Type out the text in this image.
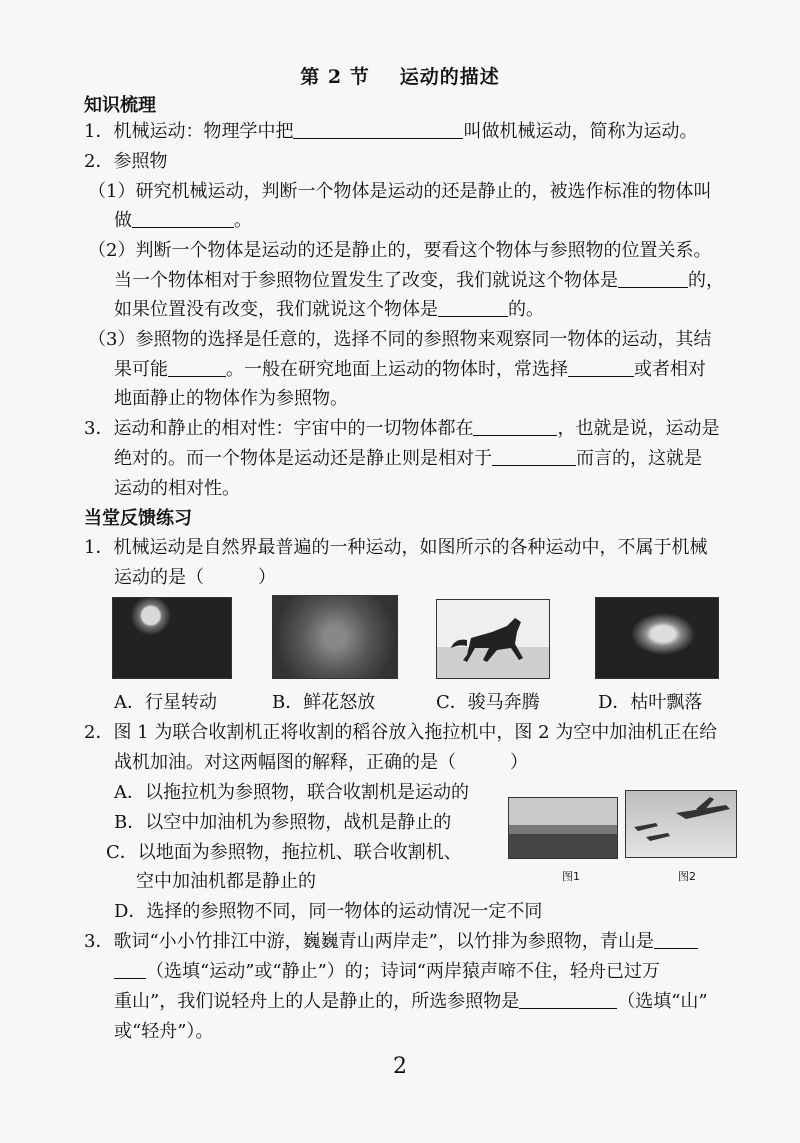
第 2 节 运动的描述
知识梳理
1．机械运动：物理学中把	叫做机械运动，简称为运动。
2．参照物
（1）研究机械运动，判断一个物体是运动的还是静止的，被选作标准的物体叫
做	。
（2）判断一个物体是运动的还是静止的，要看这个物体与参照物的位置关系。
当一个物体相对于参照物位置发生了改变，我们就说这个物体是	的，
如果位置没有改变，我们就说这个物体是	的。
（3）参照物的选择是任意的，选择不同的参照物来观察同一物体的运动，其结
果可能	。一般在研究地面上运动的物体时，常选择	或者相对
地面静止的物体作为参照物。
3．运动和静止的相对性：宇宙中的一切物体都在	，也就是说，运动是
绝对的。而一个物体是运动还是静止则是相对于	而言的，这就是
运动的相对性。
当堂反馈练习
1．机械运动是自然界最普遍的一种运动，如图所示的各种运动中，不属于机械
运动的是（　　　）
A．行星转动	B．鲜花怒放	C．骏马奔腾	D．枯叶飘落
2．图 1 为联合收割机正将收割的稻谷放入拖拉机中，图 2 为空中加油机正在给
战机加油。对这两幅图的解释，正确的是（　　　）
A．以拖拉机为参照物，联合收割机是运动的
B．以空中加油机为参照物，战机是静止的
C．以地面为参照物，拖拉机、联合收割机、
空中加油机都是静止的
D．选择的参照物不同，同一物体的运动情况一定不同
图1	图2
3．歌词“小小竹排江中游，巍巍青山两岸走”，以竹排为参照物，青山是
（选填“运动”或“静止”）的；诗词“两岸猿声啼不住，轻舟已过万
重山”，我们说轻舟上的人是静止的，所选参照物是	（选填“山”
或“轻舟”）。
2
